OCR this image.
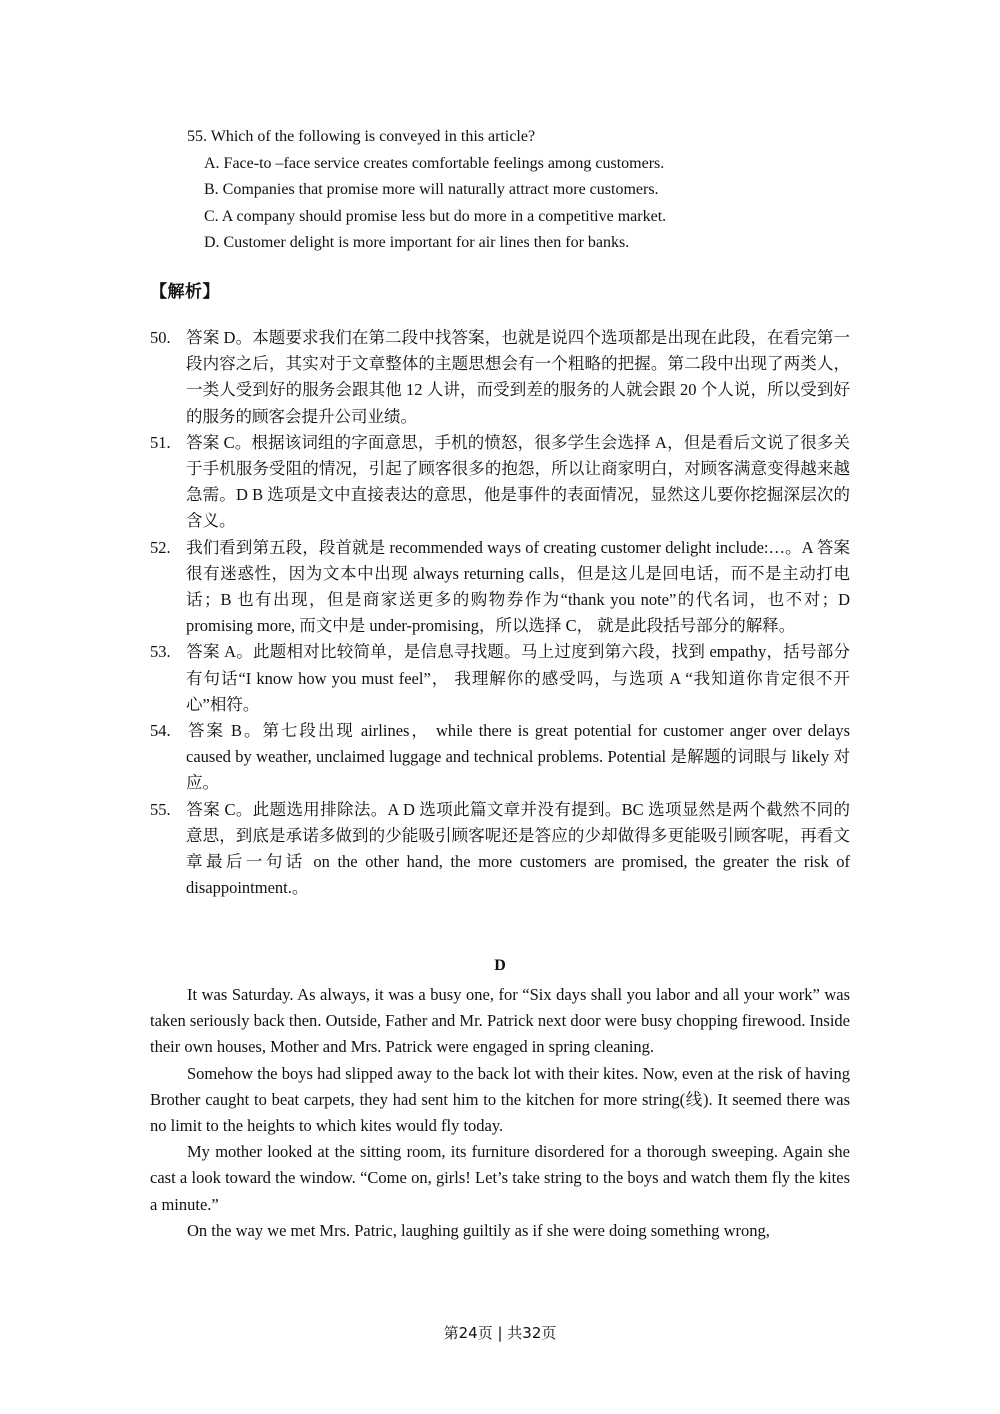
55. Which of the following is conveyed in this article?

A. Face-to –face service creates comfortable feelings among customers.

B. Companies that promise more will naturally attract more customers.

C. A company should promise less but do more in a competitive market.

D. Customer delight is more important for air lines then for banks.

【解析】

50. 答案 D。本题要求我们在第二段中找答案，也就是说四个选项都是出现在此段，在看完第一段内容之后，其实对于文章整体的主题思想会有一个粗略的把握。第二段中出现了两类人，一类人受到好的服务会跟其他 12 人讲，而受到差的服务的人就会跟 20 个人说，所以受到好的服务的顾客会提升公司业绩。

51. 答案 C。根据该词组的字面意思，手机的愤怒，很多学生会选择 A，但是看后文说了很多关于手机服务受阻的情况，引起了顾客很多的抱怨，所以让商家明白，对顾客满意变得越来越急需。D B 选项是文中直接表达的意思，他是事件的表面情况，显然这儿要你挖掘深层次的含义。

52. 我们看到第五段，段首就是 recommended ways of creating customer delight include:…。A 答案很有迷惑性，因为文本中出现 always returning calls，但是这儿是回电话，而不是主动打电话；B 也有出现，但是商家送更多的购物券作为“thank you note”的代名词，也不对；D promising more, 而文中是 under-promising，所以选择 C， 就是此段括号部分的解释。

53. 答案 A。此题相对比较简单，是信息寻找题。马上过度到第六段，找到 empathy，括号部分有句话“I know how you must feel”， 我理解你的感受吗，与选项 A “我知道你肯定很不开心”相符。

54. 答案 B。第七段出现 airlines， while there is great potential for customer anger over delays caused by weather, unclaimed luggage and technical problems. Potential 是解题的词眼与 likely 对应。

55. 答案 C。此题选用排除法。A D 选项此篇文章并没有提到。BC 选项显然是两个截然不同的意思，到底是承诺多做到的少能吸引顾客呢还是答应的少却做得多更能吸引顾客呢，再看文章最后一句话 on the other hand, the more customers are promised, the greater the risk of disappointment.。

D

It was Saturday. As always, it was a busy one, for “Six days shall you labor and all your work” was taken seriously back then. Outside, Father and Mr. Patrick next door were busy chopping firewood. Inside their own houses, Mother and Mrs. Patrick were engaged in spring cleaning.

Somehow the boys had slipped away to the back lot with their kites. Now, even at the risk of having Brother caught to beat carpets, they had sent him to the kitchen for more string(线). It seemed there was no limit to the heights to which kites would fly today.

My mother looked at the sitting room, its furniture disordered for a thorough sweeping. Again she cast a look toward the window. “Come on, girls! Let’s take string to the boys and watch them fly the kites a minute.”

On the way we met Mrs. Patric, laughing guiltily as if she were doing something wrong,

第24页 | 共32页
